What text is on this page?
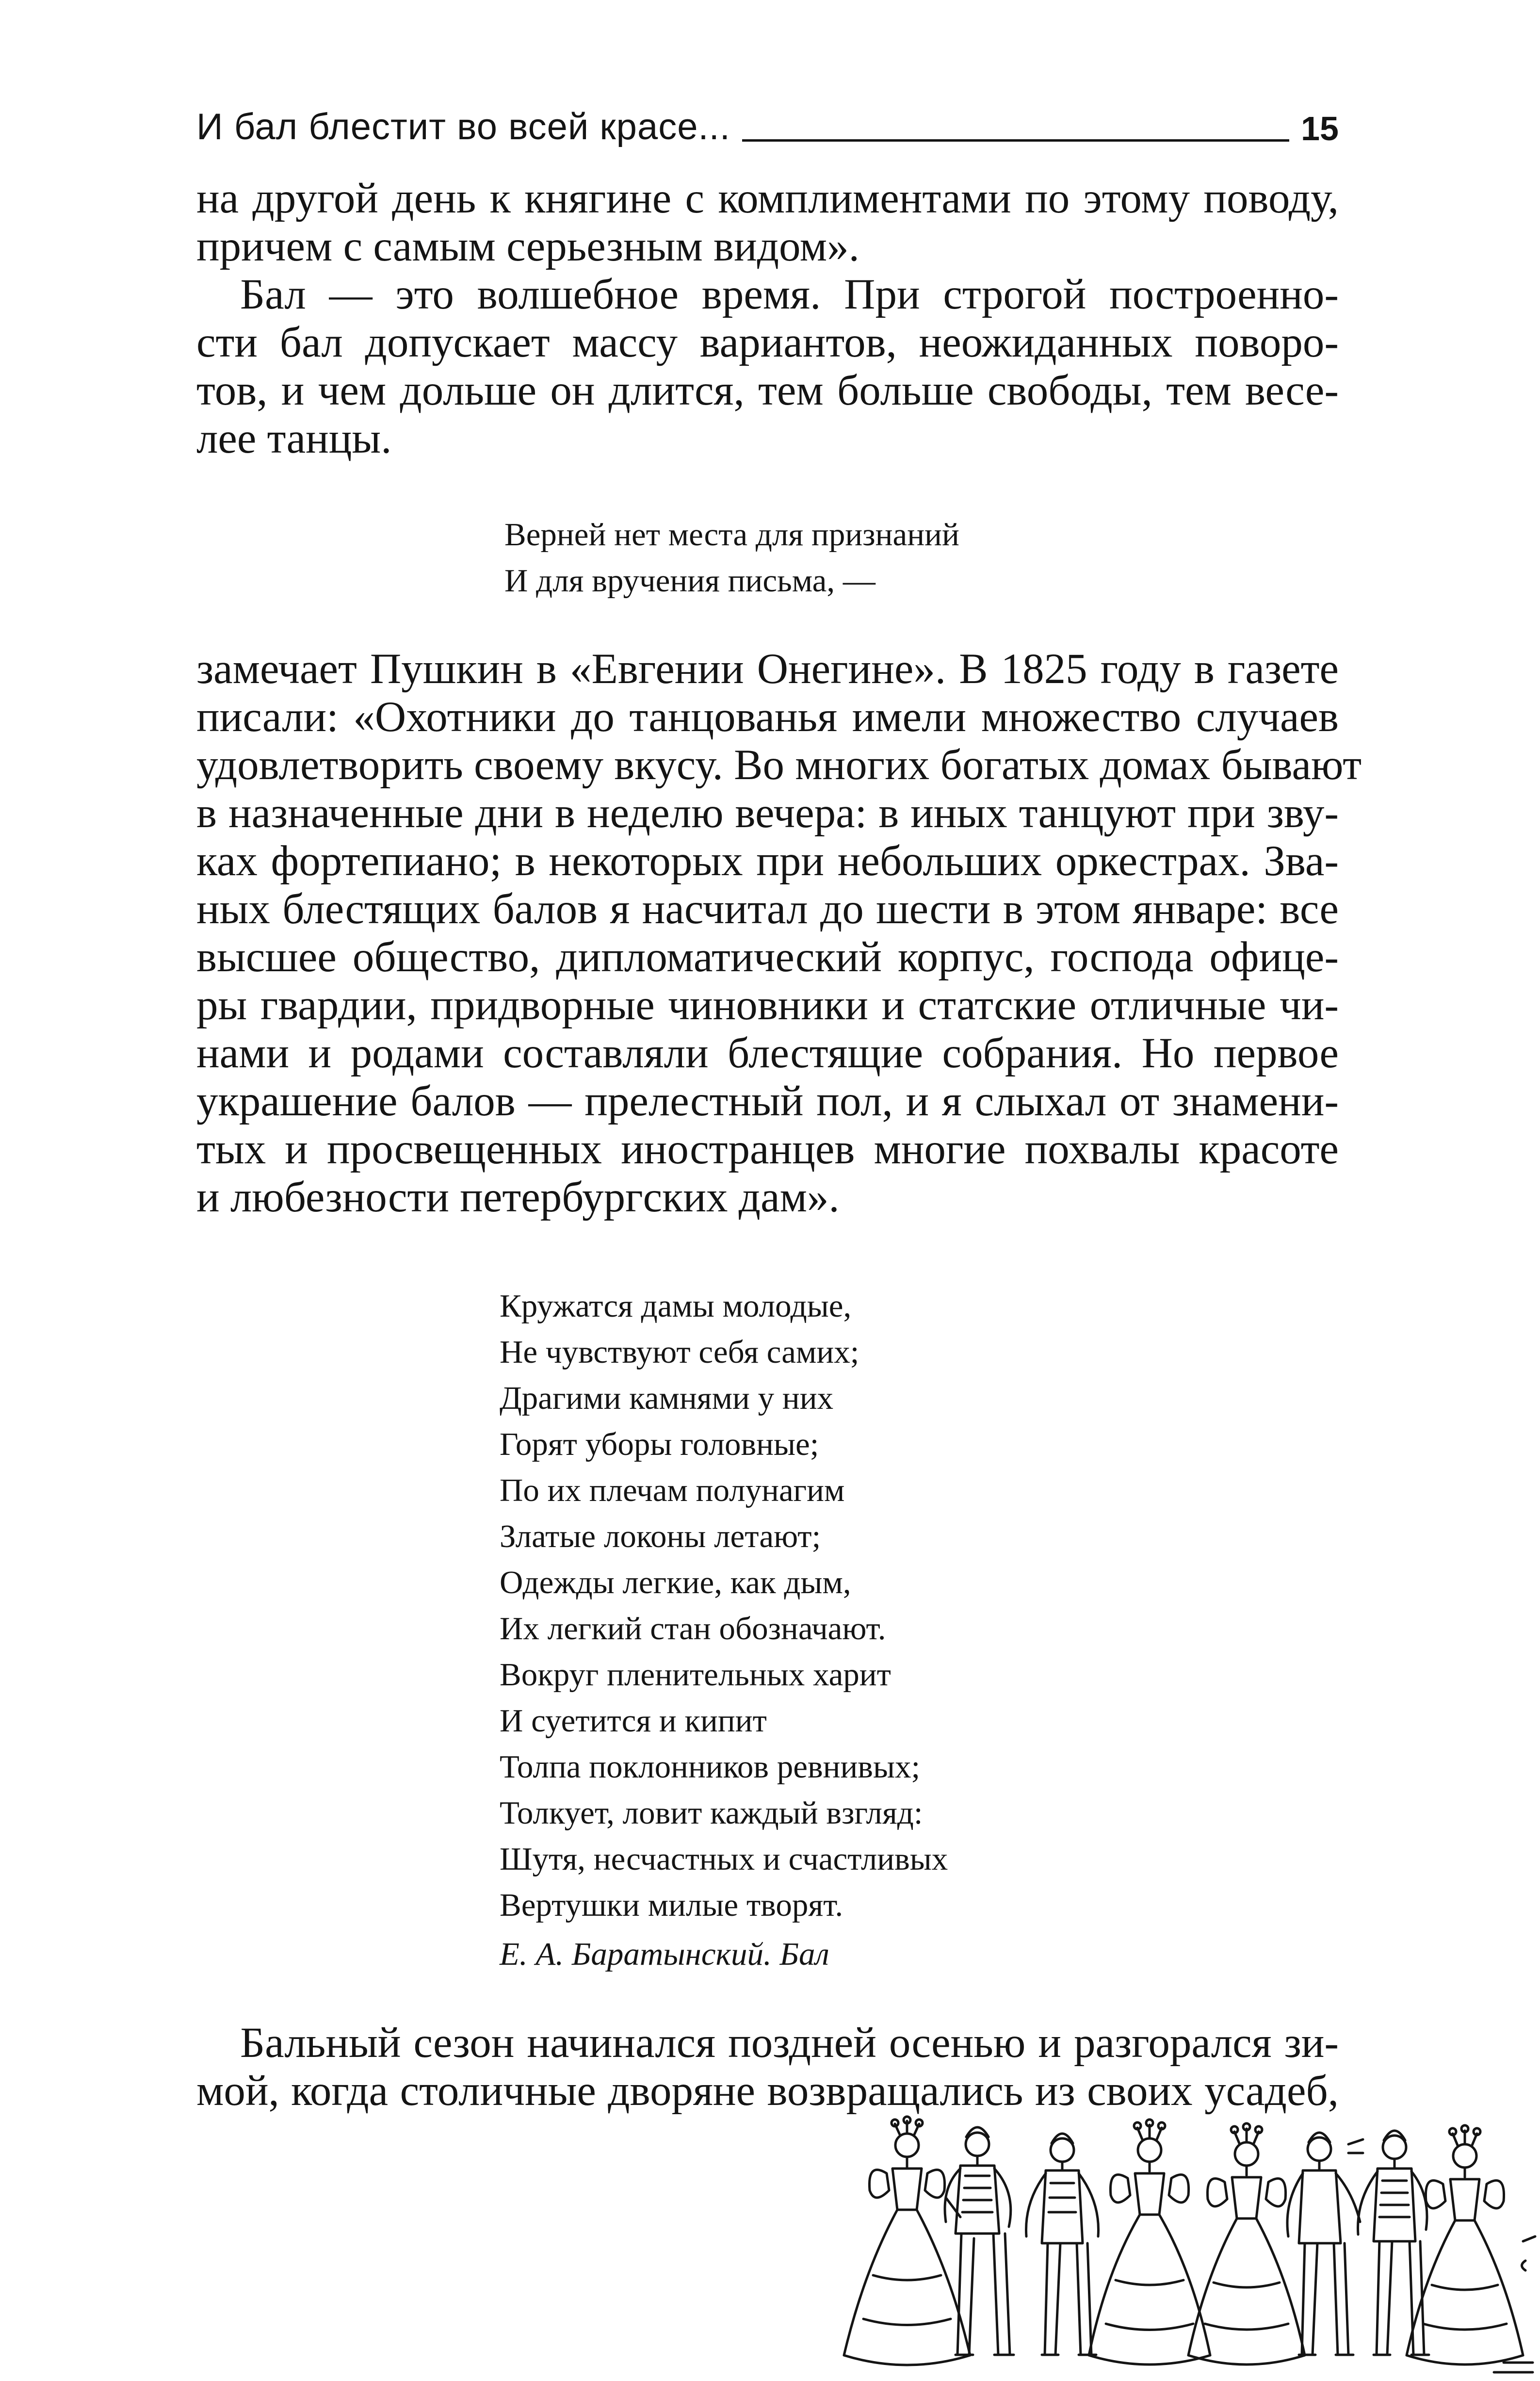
И бал блестит во всей красе...	15
на другой день к княгине с комплиментами по этому поводу,
причем с самым серьезным видом».
Бал — это волшебное время. При строгой построенно-
сти бал допускает массу вариантов, неожиданных поворо-
тов, и чем дольше он длится, тем больше свободы, тем весе-
лее танцы.
Верней нет места для признаний
И для вручения письма, —
замечает Пушкин в «Евгении Онегине». В 1825 году в газете
писали: «Охотники до танцованья имели множество случаев
удовлетворить своему вкусу. Во многих богатых домах бывают
в назначенные дни в неделю вечера: в иных танцуют при зву-
ках фортепиано; в некоторых при небольших оркестрах. Зва-
ных блестящих балов я насчитал до шести в этом январе: все
высшее общество, дипломатический корпус, господа офице-
ры гвардии, придворные чиновники и статские отличные чи-
нами и родами составляли блестящие собрания. Но первое
украшение балов — прелестный пол, и я слыхал от знамени-
тых и просвещенных иностранцев многие похвалы красоте
и любезности петербургских дам».
Кружатся дамы молодые,
Не чувствуют себя самих;
Драгими камнями у них
Горят уборы головные;
По их плечам полунагим
Златые локоны летают;
Одежды легкие, как дым,
Их легкий стан обозначают.
Вокруг пленительных харит
И суетится и кипит
Толпа поклонников ревнивых;
Толкует, ловит каждый взгляд:
Шутя, несчастных и счастливых
Вертушки милые творят.
Е. А. Баратынский. Бал
Бальный сезон начинался поздней осенью и разгорался зи-
мой, когда столичные дворяне возвращались из своих усадеб,
